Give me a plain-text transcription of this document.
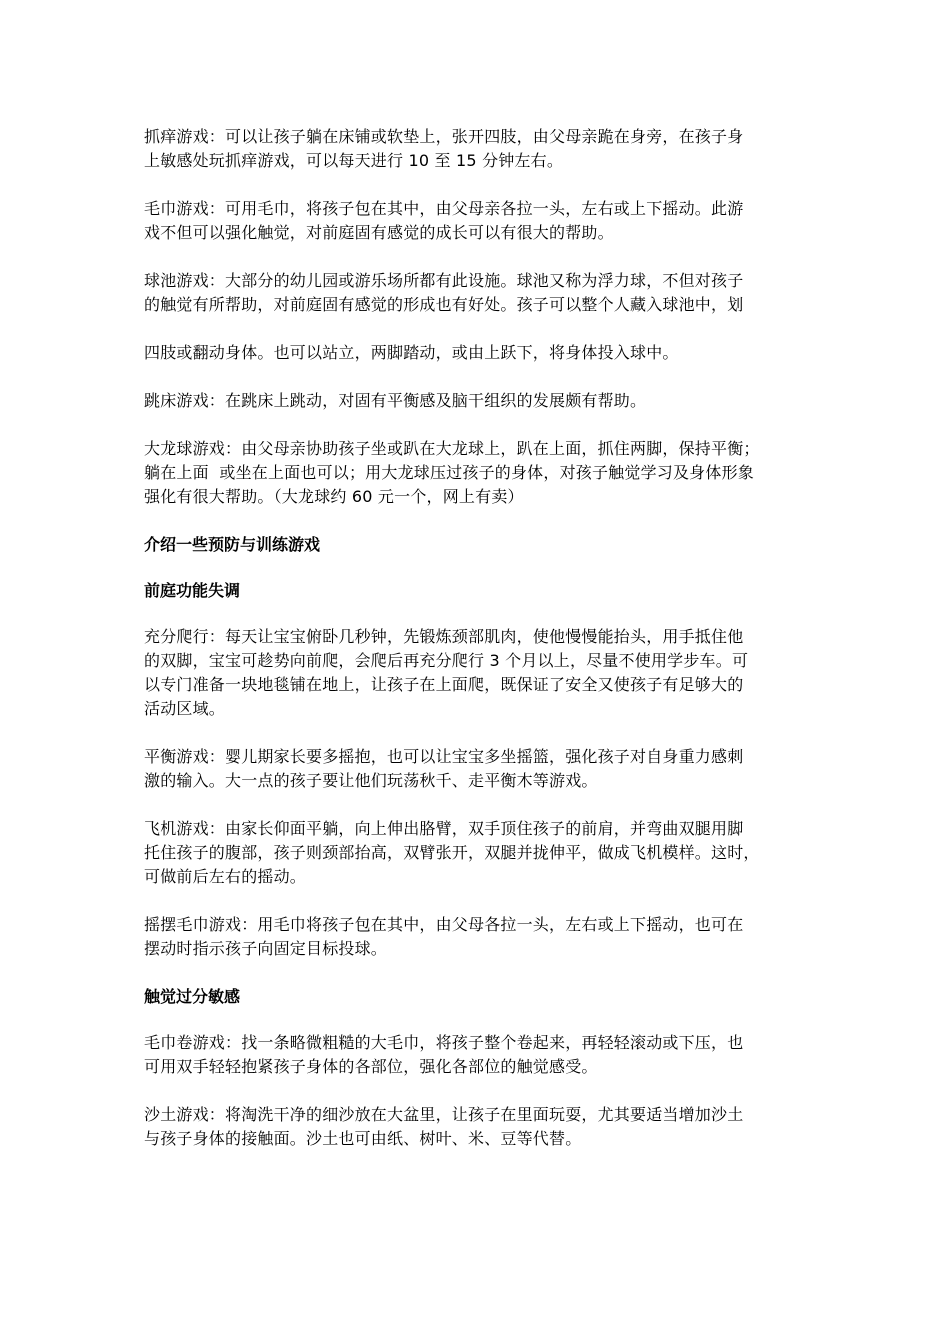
抓痒游戏：可以让孩子躺在床铺或软垫上，张开四肢，由父母亲跪在身旁，在孩子身
上敏感处玩抓痒游戏，可以每天进行 10 至 15 分钟左右。
毛巾游戏：可用毛巾，将孩子包在其中，由父母亲各拉一头，左右或上下摇动。此游
戏不但可以强化触觉，对前庭固有感觉的成长可以有很大的帮助。
球池游戏：大部分的幼儿园或游乐场所都有此设施。球池又称为浮力球，不但对孩子
的触觉有所帮助，对前庭固有感觉的形成也有好处。孩子可以整个人藏入球池中，划
四肢或翻动身体。也可以站立，两脚踏动，或由上跃下，将身体投入球中。
跳床游戏：在跳床上跳动，对固有平衡感及脑干组织的发展颇有帮助。
大龙球游戏：由父母亲协助孩子坐或趴在大龙球上，趴在上面，抓住两脚，保持平衡；
躺在上面  或坐在上面也可以；用大龙球压过孩子的身体，对孩子触觉学习及身体形象
强化有很大帮助。（大龙球约 60 元一个，网上有卖）
介绍一些预防与训练游戏
前庭功能失调
充分爬行：每天让宝宝俯卧几秒钟，先锻炼颈部肌肉，使他慢慢能抬头，用手抵住他
的双脚，宝宝可趁势向前爬，会爬后再充分爬行 3 个月以上，尽量不使用学步车。可
以专门准备一块地毯铺在地上，让孩子在上面爬，既保证了安全又使孩子有足够大的
活动区域。
平衡游戏：婴儿期家长要多摇抱，也可以让宝宝多坐摇篮，强化孩子对自身重力感刺
激的输入。大一点的孩子要让他们玩荡秋千、走平衡木等游戏。
飞机游戏：由家长仰面平躺，向上伸出胳臂，双手顶住孩子的前肩，并弯曲双腿用脚
托住孩子的腹部，孩子则颈部抬高，双臂张开，双腿并拢伸平，做成飞机模样。这时，
可做前后左右的摇动。
摇摆毛巾游戏：用毛巾将孩子包在其中，由父母各拉一头，左右或上下摇动，也可在
摆动时指示孩子向固定目标投球。
触觉过分敏感
毛巾卷游戏：找一条略微粗糙的大毛巾，将孩子整个卷起来，再轻轻滚动或下压，也
可用双手轻轻抱紧孩子身体的各部位，强化各部位的触觉感受。
沙土游戏：将淘洗干净的细沙放在大盆里，让孩子在里面玩耍，尤其要适当增加沙土
与孩子身体的接触面。沙土也可由纸、树叶、米、豆等代替。
